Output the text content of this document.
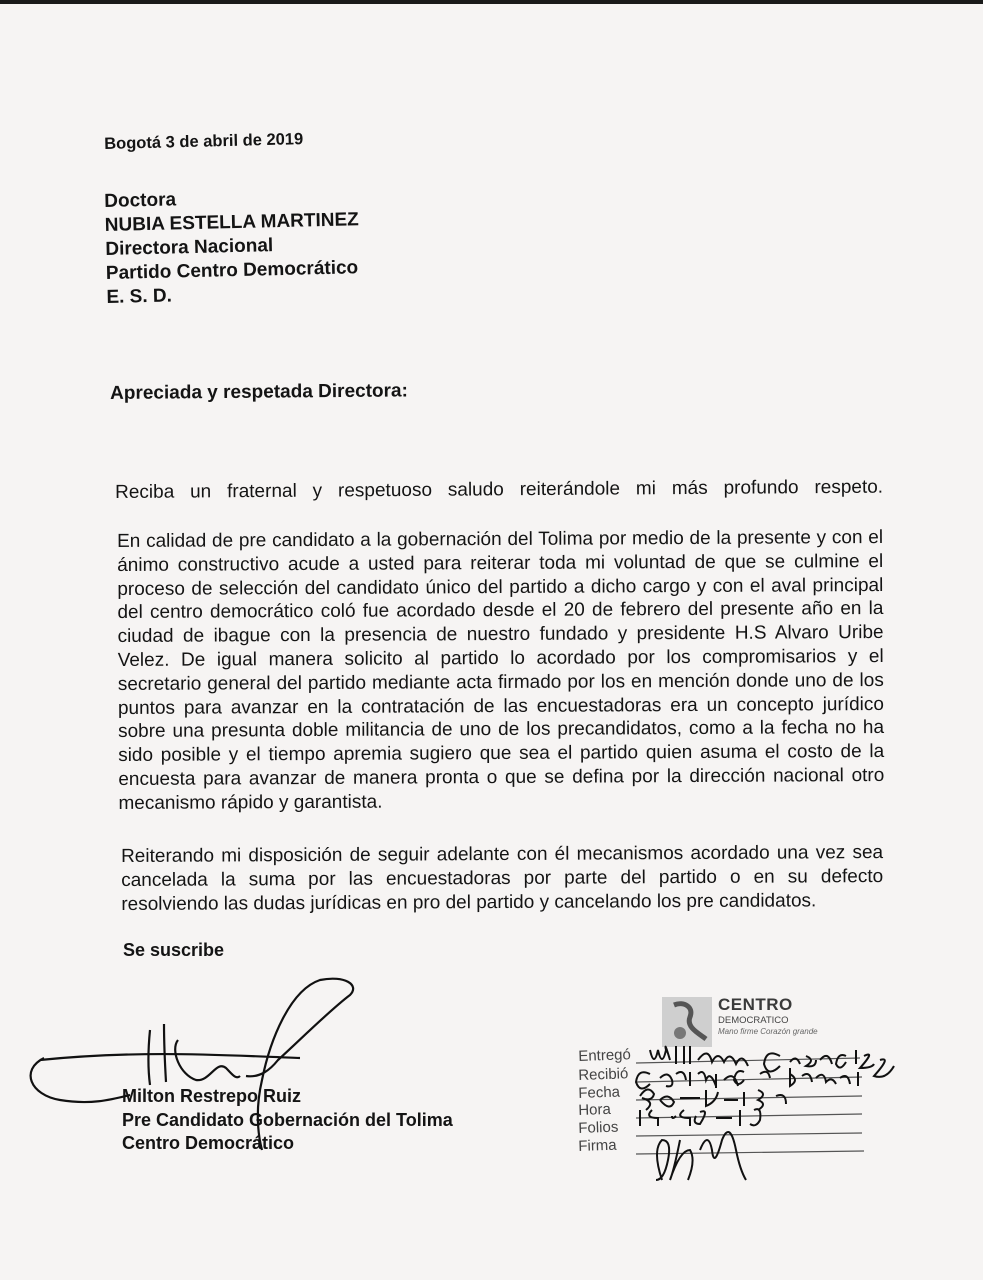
Bogotá 3 de abril de 2019
Doctora
NUBIA ESTELLA MARTINEZ
Directora Nacional
Partido Centro Democrático
E. S. D.
Apreciada y respetada Directora:
Reciba un fraternal y respetuoso saludo reiterándole mi más profundo respeto.
En calidad de pre candidato a la gobernación del Tolima por medio de la presente y con el ánimo constructivo acude a usted para reiterar toda mi voluntad de que se culmine el proceso de selección del candidato único del partido a dicho cargo y con el aval principal del centro democrático coló fue acordado desde el 20 de febrero del presente año en la ciudad de ibague con la presencia de nuestro fundado y presidente H.S Alvaro Uribe Velez. De igual manera solicito al partido lo acordado por los compromisarios y el secretario general del partido mediante acta firmado por los en mención donde uno de los puntos para avanzar en la contratación de las encuestadoras era un concepto jurídico sobre una presunta doble militancia de uno de los precandidatos, como a la fecha no ha sido posible y el tiempo apremia sugiero que sea el partido quien asuma el costo de la encuesta para avanzar de manera pronta o que se defina por la dirección nacional otro mecanismo rápido y garantista.
Reiterando mi disposición de seguir adelante con él mecanismos acordado una vez sea cancelada la suma por las encuestadoras por parte del partido o en su defecto resolviendo las dudas jurídicas en pro del partido y cancelando los pre candidatos.
Se suscribe
Milton Restrepo Ruiz
Pre Candidato Gobernación del Tolima
Centro Democrático
CENTRO
DEMOCRATICO
Mano firme Corazón grande
Entregó
Recibió
Fecha
Hora
Folios
Firma
